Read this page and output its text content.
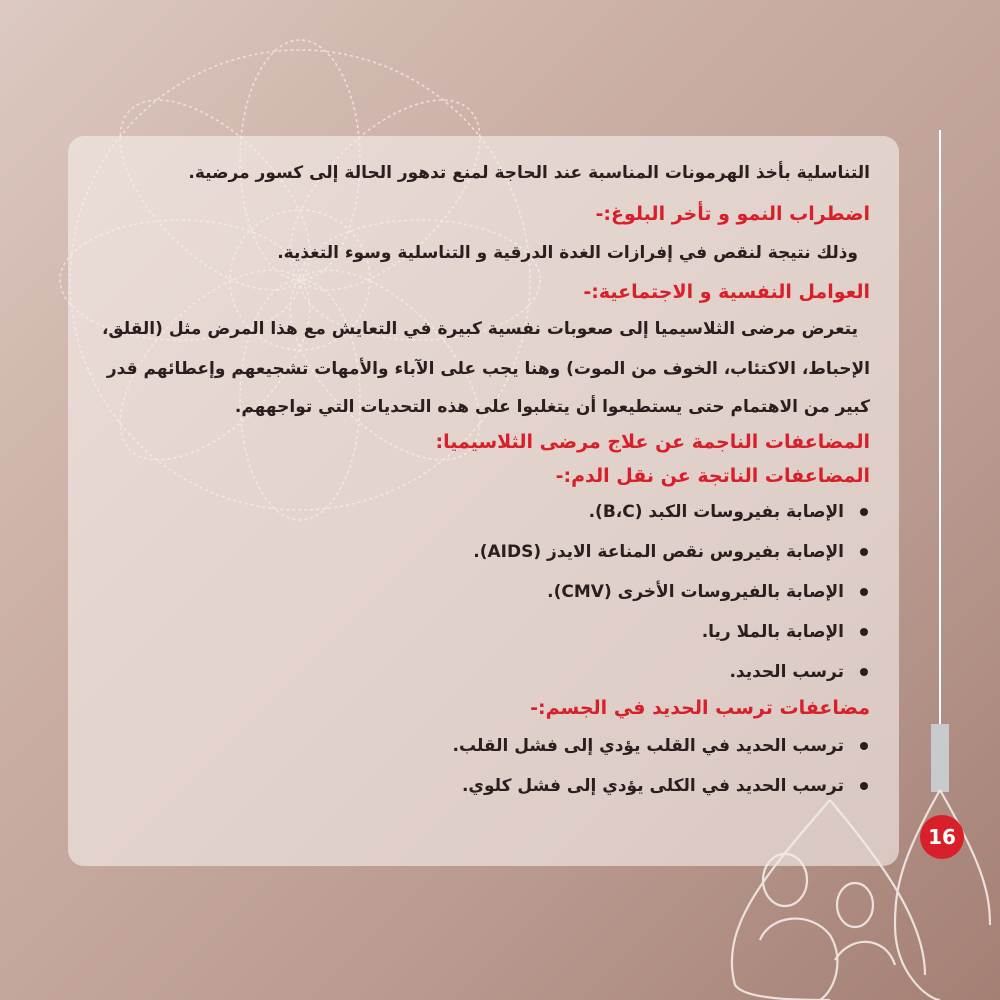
التناسلية بأخذ الهرمونات المناسبة عند الحاجة لمنع تدهور الحالة إلى كسور مرضية.

اضطراب النمو و تأخر البلوغ:-
وذلك نتيجة لنقص في إفرازات الغدة الدرقية و التناسلية وسوء التغذية.
العوامل النفسية و الاجتماعية:-
يتعرض مرضى الثلاسيميا إلى صعوبات نفسية كبيرة في التعايش مع هذا المرض مثل (القلق،
الإحباط، الاكتئاب، الخوف من الموت) وهنا يجب على الآباء والأمهات تشجيعهم وإعطائهم قدر
كبير من الاهتمام حتى يستطيعوا أن يتغلبوا على هذه التحديات التي تواجههم.
المضاعفات الناجمة عن علاج مرضى الثلاسيميا:
المضاعفات الناتجة عن نقل الدم:-
الإصابة بفيروسات الكبد (B،C).
الإصابة بفيروس نقص المناعة الايدز (AIDS).
الإصابة بالفيروسات الأخرى (CMV).
الإصابة بالملا ريا.
ترسب الحديد.
مضاعفات ترسب الحديد في الجسم:-
ترسب الحديد في القلب يؤدي إلى فشل القلب.
ترسب الحديد في الكلى يؤدي إلى فشل كلوي.
16
